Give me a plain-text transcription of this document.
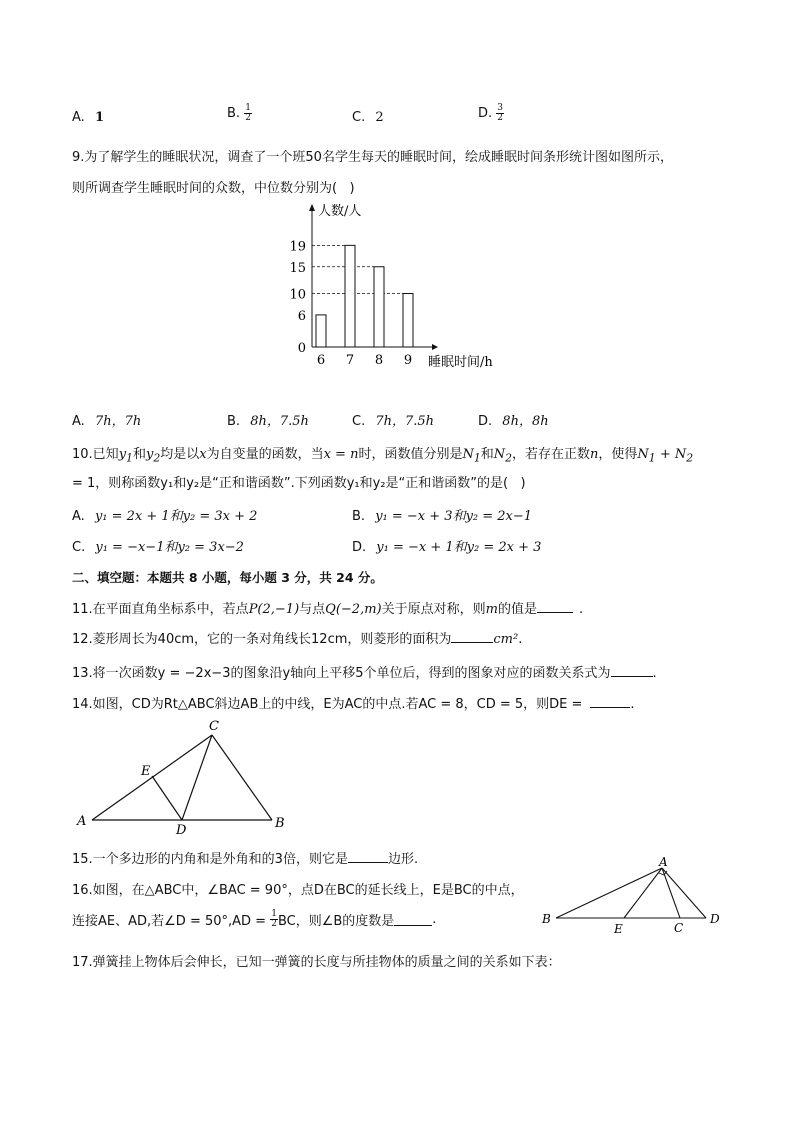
A. 1	B. $\frac{1}{2}$	C. 2	D. $\frac{3}{2}$
9.为了解学生的睡眠状况，调查了一个班50名学生每天的睡眠时间，绘成睡眠时间条形统计图如图所示，
则所调查学生睡眠时间的众数，中位数分别为(   )
0
6
10
15
19
6 7 8 9
人数/人
睡眠时间/h
A. 7h，7h	B. 8h，7.5h	C. 7h，7.5h	D. 8h，8h
10.已知$y_1$和$y_2$均是以x为自变量的函数，当x = n时，函数值分别是$N_1$和$N_2$，若存在正数n，使得$N_1 + N_2$
= 1，则称函数y₁和y₂是“正和谐函数”.下列函数y₁和y₂是“正和谐函数”的是(   )
A. y₁ = 2x + 1和y₂ = 3x + 2	B. y₁ = −x + 3和y₂ = 2x−1
C. y₁ = −x−1和y₂ = 3x−2	D. y₁ = −x + 1和y₂ = 2x + 3
二、填空题：本题共 8 小题，每小题 3 分，共 24 分。
11.在平面直角坐标系中，若点P(2,−1)与点Q(−2,m)关于原点对称，则m的值是	.
12.菱形周长为40cm，它的一条对角线长12cm，则菱形的面积为	cm².
13.将一次函数y = −2x−3的图象沿y轴向上平移5个单位后，得到的图象对应的函数关系式为	.
14.如图，CD为Rt△ABC斜边AB上的中线，E为AC的中点.若AC = 8，CD = 5，则DE =	.
A	B
C
D
E
15.一个多边形的内角和是外角和的3倍，则它是	边形.
16.如图，在△ABC中，∠BAC = 90°，点D在BC的延长线上，E是BC的中点，
连接AE、AD,若∠D = $50^\circ,AD = \frac{1}{2}$ BC，则∠B的度数是	.
A
B
C
D
E
17.弹簧挂上物体后会伸长，已知一弹簧的长度与所挂物体的质量之间的关系如下表：
